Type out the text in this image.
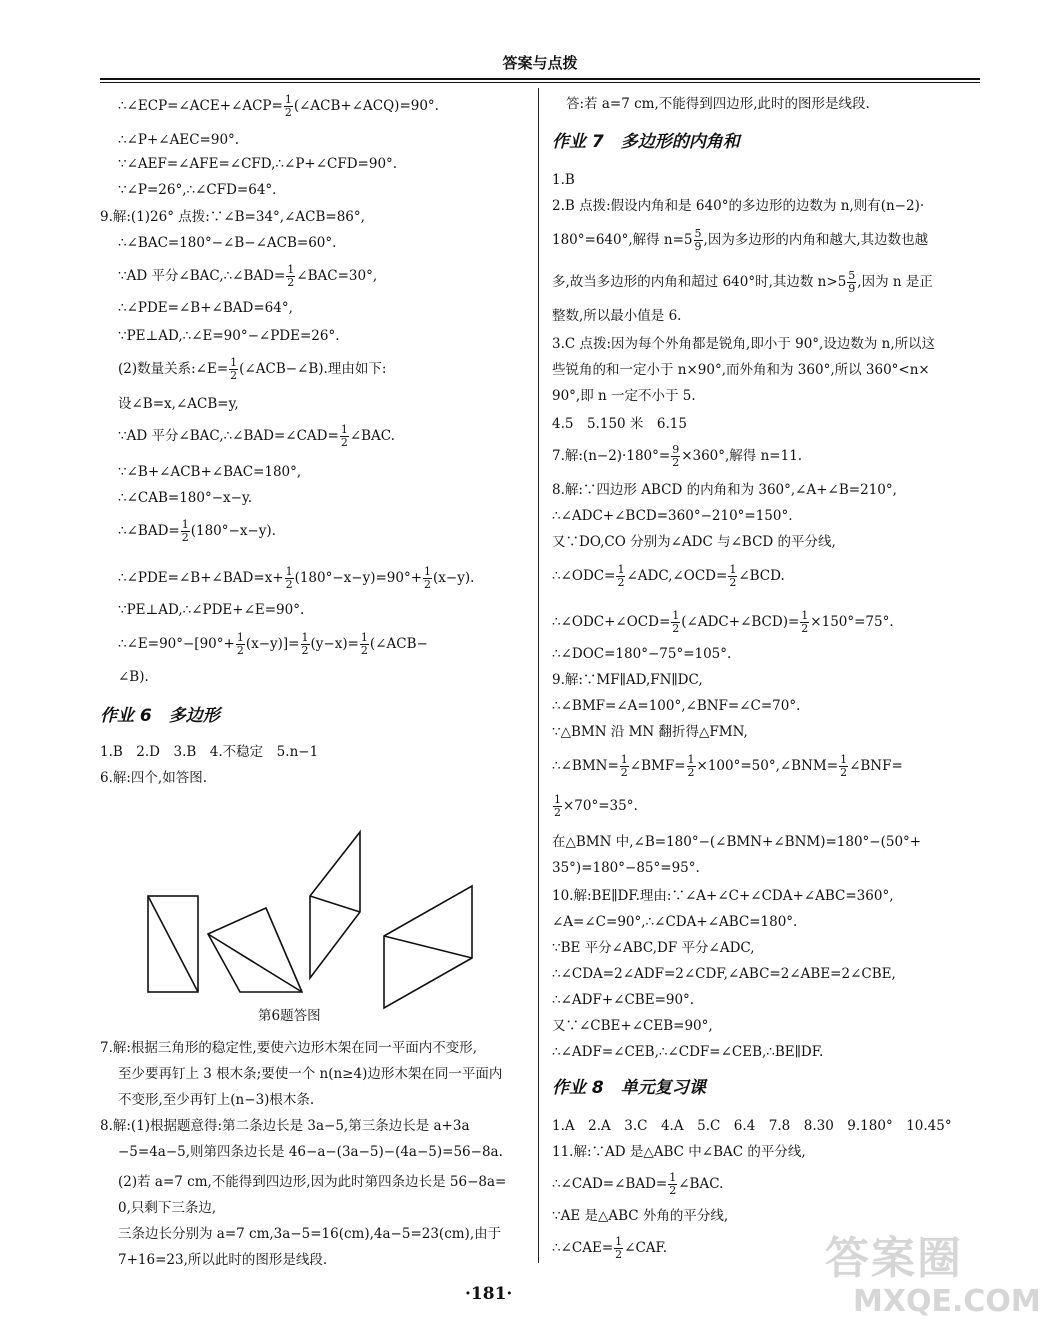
答案与点拨
∴∠ECP=∠ACE+∠ACP= $\frac{1}{2}$ (∠ACB+∠ACQ)=90°.
∴∠P+∠AEC=90°.
∵∠AEF=∠AFE=∠CFD,∴∠P+∠CFD=90°.
∵∠P=26°,∴∠CFD=64°.
9.解:(1)26° 点拨:∵∠B=34°,∠ACB=86°,
∴∠BAC=180°−∠B−∠ACB=60°.
∵AD 平分∠BAC,∴∠BAD= $\frac{1}{2}$ ∠BAC=30°,
∴∠PDE=∠B+∠BAD=64°,
∵PE⊥AD,∴∠E=90°−∠PDE=26°.
(2)数量关系:∠E= $\frac{1}{2}$ (∠ACB−∠B).理由如下:
设∠B=x,∠ACB=y,
∵AD 平分∠BAC,∴∠BAD=∠CAD= $\frac{1}{2}$ ∠BAC.
∵∠B+∠ACB+∠BAC=180°,
∴∠CAB=180°−x−y.
∴∠BAD= $\frac{1}{2} (180^\circ-x-y)$.
∴∠PDE=∠B+∠BAD=x+ $\frac{1}{2} (180^\circ-x-y)=90^\circ+ \frac{1}{2} (x-y)$.
∵PE⊥AD,∴∠PDE+∠E=90°.
∴∠E=90°−[90°+ $\frac{1}{2} (x-y)]= \frac{1}{2} (y-x)= \frac{1}{2}$ (∠ACB−
∠B).
作业 6　多边形
1.B　2.D　3.B　4.不稳定　5.n−1
6.解:四个,如答图.
7.解:根据三角形的稳定性,要使六边形木架在同一平面内不变形,
至少要再钉上 3 根木条;要使一个 n(n≥4)边形木架在同一平面内
不变形,至少再钉上(n−3)根木条.
8.解:(1)根据题意得:第二条边长是 3a−5,第三条边长是 a+3a
−5=4a−5,则第四条边长是 46−a−(3a−5)−(4a−5)=56−8a.
(2)若 a=7 cm,不能得到四边形,因为此时第四条边长是 56−8a=
0,只剩下三条边,
三条边长分别为 a=7 cm,3a−5=16(cm),4a−5=23(cm),由于
7+16=23,所以此时的图形是线段.
第6题答图
答:若 a=7 cm,不能得到四边形,此时的图形是线段.
作业 7　多边形的内角和
1.B
2.B 点拨:假设内角和是 640°的多边形的边数为 n,则有(n−2)·
180°=640°,解得 $n=5 \frac{5}{9}$ ,因为多边形的内角和越大,其边数也越
多,故当多边形的内角和超过 640°时,其边数 $n>5 \frac{5}{9}$ ,因为 n 是正
整数,所以最小值是 6.
3.C 点拨:因为每个外角都是锐角,即小于 90°,设边数为 n,所以这
些锐角的和一定小于 n×90°,而外角和为 360°,所以 360°<n×
90°,即 n 一定不小于 5.
4.5　5.150 米　6.15
7.解:(n−2)·180°= $\frac{9}{2} \times 360^\circ$,解得 n=11.
8.解:∵四边形 ABCD 的内角和为 360°,∠A+∠B=210°,
∴∠ADC+∠BCD=360°−210°=150°.
又∵DO,CO 分别为∠ADC 与∠BCD 的平分线,
∴∠ODC= $\frac{1}{2}$ ∠ADC,∠OCD= $\frac{1}{2}$ ∠BCD.
∴∠ODC+∠OCD= $\frac{1}{2}$ (∠ADC+∠BCD)= $\frac{1}{2} \times 150^\circ=75^\circ$.
∴∠DOC=180°−75°=105°.
9.解:∵MF∥AD,FN∥DC,
∴∠BMF=∠A=100°,∠BNF=∠C=70°.
∵△BMN 沿 MN 翻折得△FMN,
∴∠BMN= $\frac{1}{2}$ ∠BMF= $\frac{1}{2}$ ×100°=50°,∠BNM= $\frac{1}{2}$ ∠BNF=
$\frac{1}{2} \times 70^\circ=35^\circ$.
在△BMN 中,∠B=180°−(∠BMN+∠BNM)=180°−(50°+
35°)=180°−85°=95°.
10.解:BE∥DF.理由:∵∠A+∠C+∠CDA+∠ABC=360°,
∠A=∠C=90°,∴∠CDA+∠ABC=180°.
∵BE 平分∠ABC,DF 平分∠ADC,
∴∠CDA=2∠ADF=2∠CDF,∠ABC=2∠ABE=2∠CBE,
∴∠ADF+∠CBE=90°.
又∵∠CBE+∠CEB=90°,
∴∠ADF=∠CEB,∴∠CDF=∠CEB,∴BE∥DF.
作业 8　单元复习课
1.A　2.A　3.C　4.A　5.C　6.4　7.8　8.30　9.180°　10.45°
11.解:∵AD 是△ABC 中∠BAC 的平分线,
∴∠CAD=∠BAD= $\frac{1}{2}$ ∠BAC.
∵AE 是△ABC 外角的平分线,
∴∠CAE= $\frac{1}{2}$ ∠CAF.
·181·
答案圈
MXQE.COM
